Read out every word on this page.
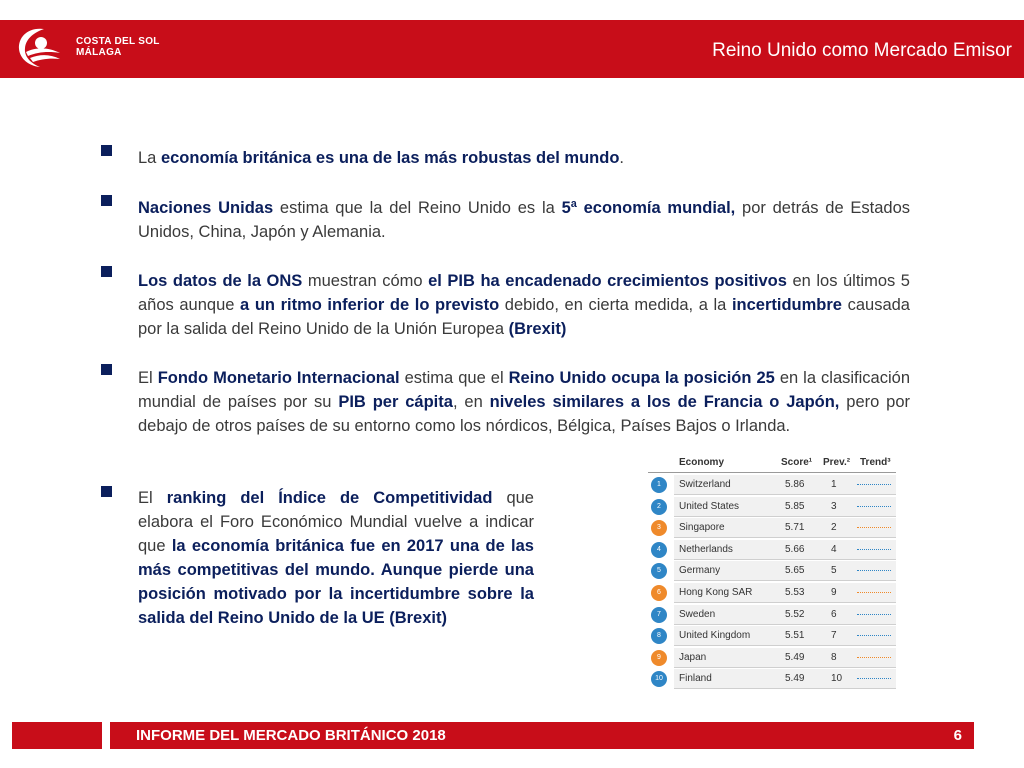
COSTA DEL SOL
MÁLAGA	Reino Unido como Mercado Emisor
La economía británica es una de las más robustas del mundo.
Naciones Unidas estima que la del Reino Unido es la 5ª economía mundial, por detrás de Estados Unidos, China, Japón y Alemania.
Los datos de la ONS muestran cómo el PIB ha encadenado crecimientos positivos en los últimos 5 años aunque a un ritmo inferior de lo previsto debido, en cierta medida, a la incertidumbre causada por la salida del Reino Unido de la Unión Europea (Brexit)
El Fondo Monetario Internacional estima que el Reino Unido ocupa la posición 25 en la clasificación mundial de países por su PIB per cápita, en niveles similares a los de Francia o Japón, pero por debajo de otros países de su entorno como los nórdicos, Bélgica, Países Bajos o Irlanda.
El ranking del Índice de Competitividad que elabora el Foro Económico Mundial vuelve a indicar que la economía británica fue en 2017 una de las más competitivas del mundo. Aunque pierde una posición motivado por la incertidumbre sobre la salida del Reino Unido de la UE (Brexit)
Economy	Score¹ Prev.² Trend³
1	Switzerland	5.86	1
2	United States	5.85	3
3	Singapore	5.71	2
4	Netherlands	5.66	4
5	Germany	5.65	5
6	Hong Kong SAR	5.53	9
7	Sweden	5.52	6
8	United Kingdom	5.51	7
9	Japan	5.49	8
10	Finland	5.49	10
INFORME DEL MERCADO BRITÁNICO 2018	6
